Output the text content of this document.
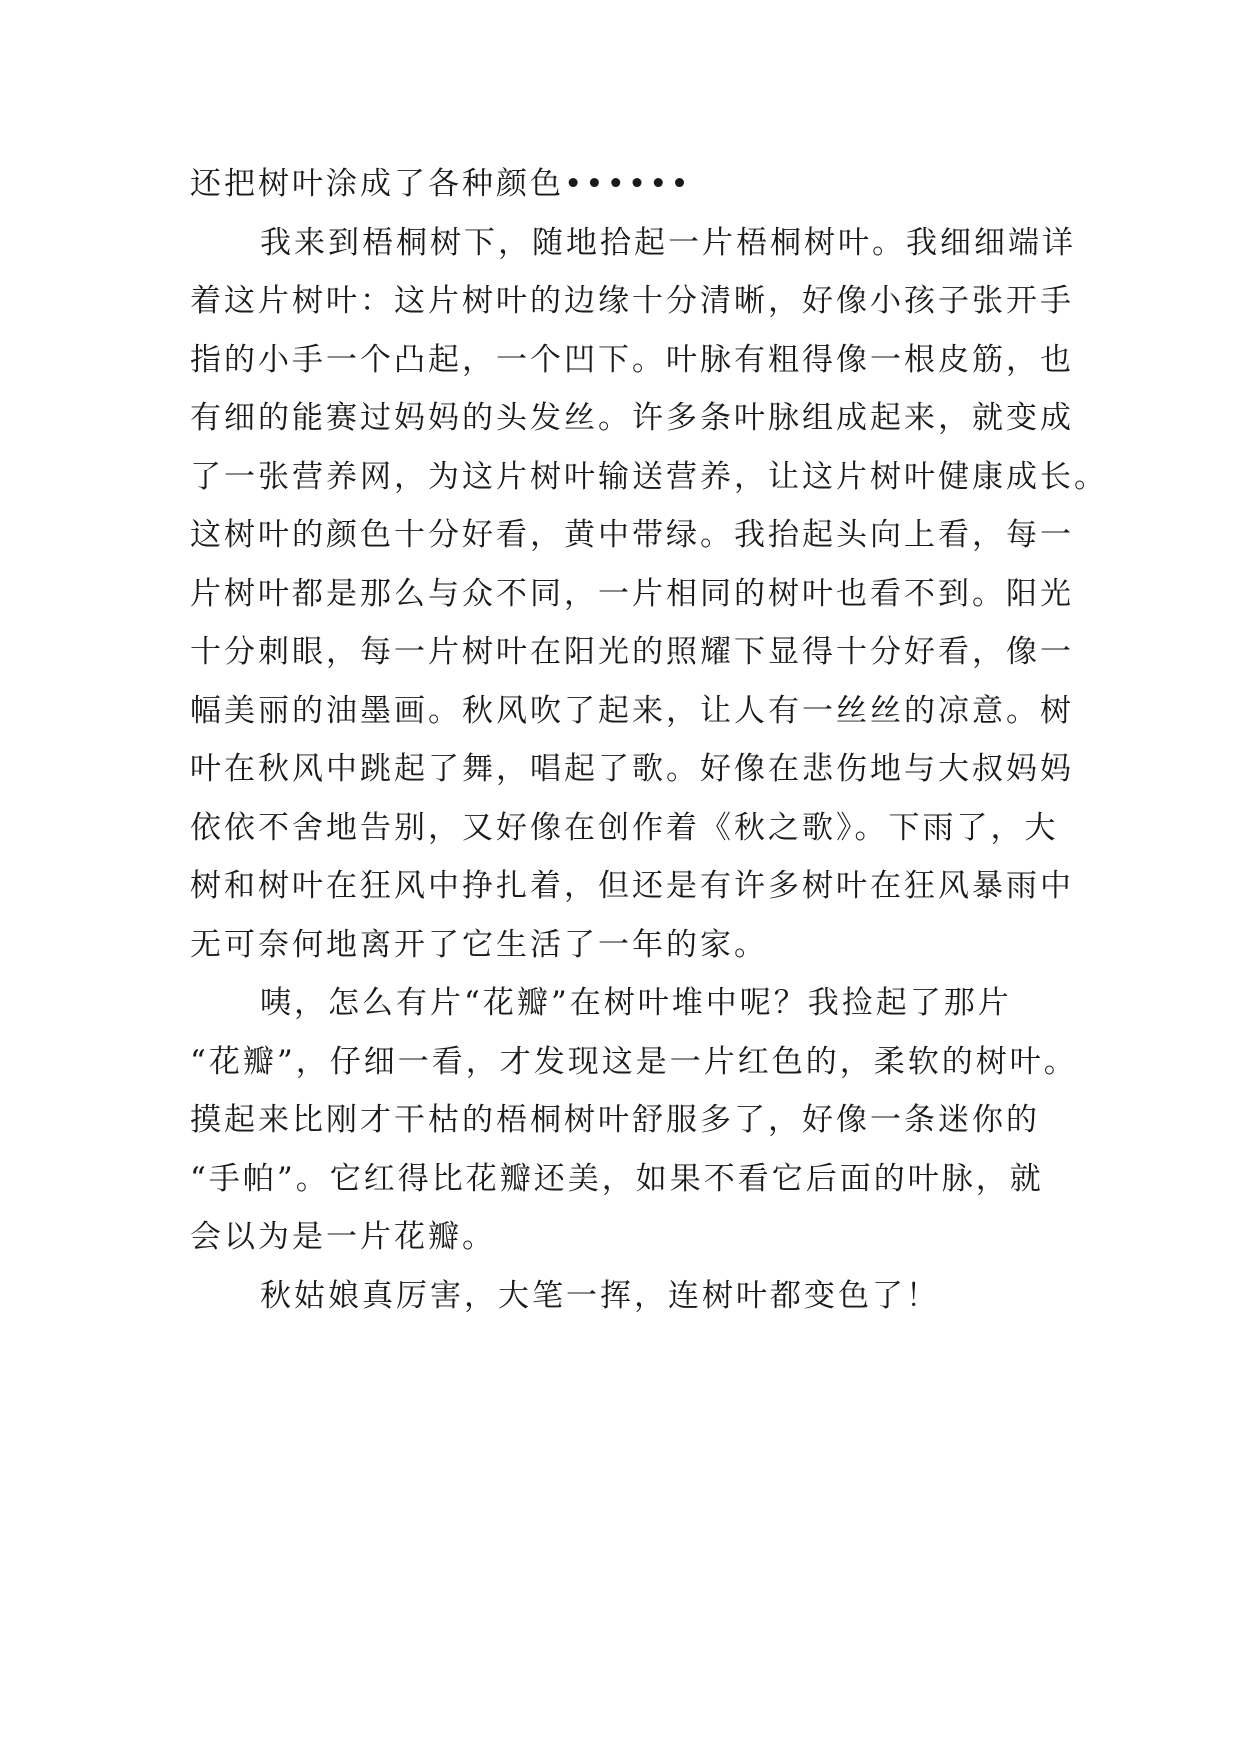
还把树叶涂成了各种颜色••••••
我来到梧桐树下，随地拾起一片梧桐树叶。我细细端详
着这片树叶：这片树叶的边缘十分清晰，好像小孩子张开手
指的小手一个凸起，一个凹下。叶脉有粗得像一根皮筋，也
有细的能赛过妈妈的头发丝。许多条叶脉组成起来，就变成
了一张营养网，为这片树叶输送营养，让这片树叶健康成长。
这树叶的颜色十分好看，黄中带绿。我抬起头向上看，每一
片树叶都是那么与众不同，一片相同的树叶也看不到。阳光
十分刺眼，每一片树叶在阳光的照耀下显得十分好看，像一
幅美丽的油墨画。秋风吹了起来，让人有一丝丝的凉意。树
叶在秋风中跳起了舞，唱起了歌。好像在悲伤地与大叔妈妈
依依不舍地告别，又好像在创作着《秋之歌》。下雨了，大
树和树叶在狂风中挣扎着，但还是有许多树叶在狂风暴雨中
无可奈何地离开了它生活了一年的家。
咦，怎么有片“花瓣”在树叶堆中呢？我捡起了那片
“花瓣”，仔细一看，才发现这是一片红色的，柔软的树叶。
摸起来比刚才干枯的梧桐树叶舒服多了，好像一条迷你的
“手帕”。它红得比花瓣还美，如果不看它后面的叶脉，就
会以为是一片花瓣。
秋姑娘真厉害，大笔一挥，连树叶都变色了！
